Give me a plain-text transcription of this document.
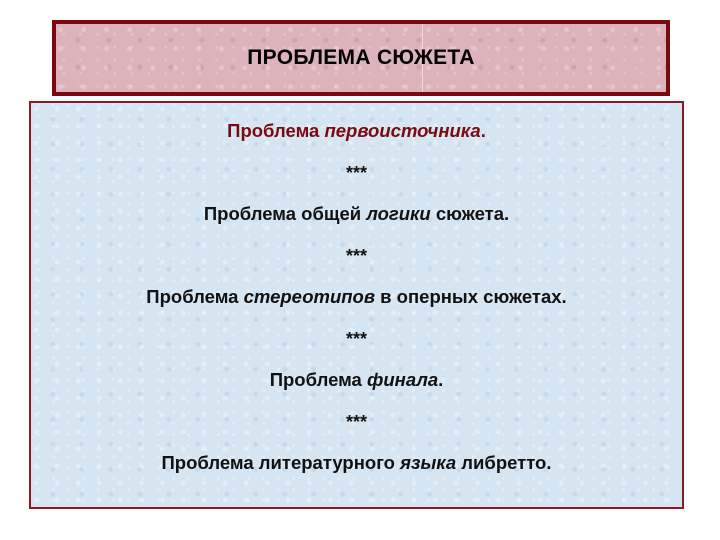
ПРОБЛЕМА СЮЖЕТА
Проблема первоисточника.
***
Проблема общей логики сюжета.
***
Проблема стереотипов в оперных сюжетах.
***
Проблема финала.
***
Проблема литературного языка либретто.
